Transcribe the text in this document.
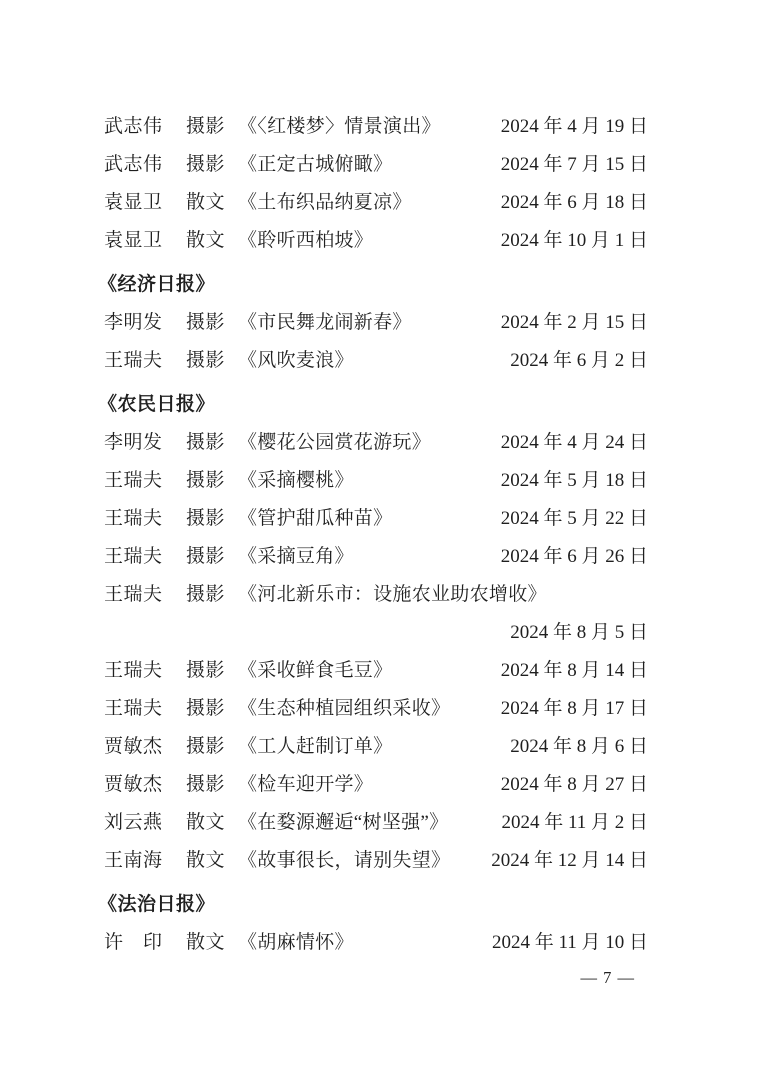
武志伟	摄影 《〈红楼梦〉情景演出》	2024 年 4 月 19 日
武志伟	摄影 《正定古城俯瞰》	2024 年 7 月 15 日
袁显卫	散文 《土布织品纳夏凉》	2024 年 6 月 18 日
袁显卫	散文 《聆听西柏坡》	2024 年 10 月 1 日
《经济日报》
李明发	摄影 《市民舞龙闹新春》	2024 年 2 月 15 日
王瑞夫	摄影 《风吹麦浪》	2024 年 6 月 2 日
《农民日报》
李明发	摄影 《樱花公园赏花游玩》	2024 年 4 月 24 日
王瑞夫	摄影 《采摘樱桃》	2024 年 5 月 18 日
王瑞夫	摄影 《管护甜瓜种苗》	2024 年 5 月 22 日
王瑞夫	摄影 《采摘豆角》	2024 年 6 月 26 日
王瑞夫	摄影 《河北新乐市：设施农业助农增收》
2024 年 8 月 5 日
王瑞夫	摄影 《采收鲜食毛豆》	2024 年 8 月 14 日
王瑞夫	摄影 《生态种植园组织采收》	2024 年 8 月 17 日
贾敏杰	摄影 《工人赶制订单》	2024 年 8 月 6 日
贾敏杰	摄影 《检车迎开学》	2024 年 8 月 27 日
刘云燕	散文 《在婺源邂逅“树坚强”》	2024 年 11 月 2 日
王南海	散文 《故事很长，请别失望》	2024 年 12 月 14 日
《法治日报》
许　印	散文 《胡麻情怀》	2024 年 11 月 10 日
— 7 —
